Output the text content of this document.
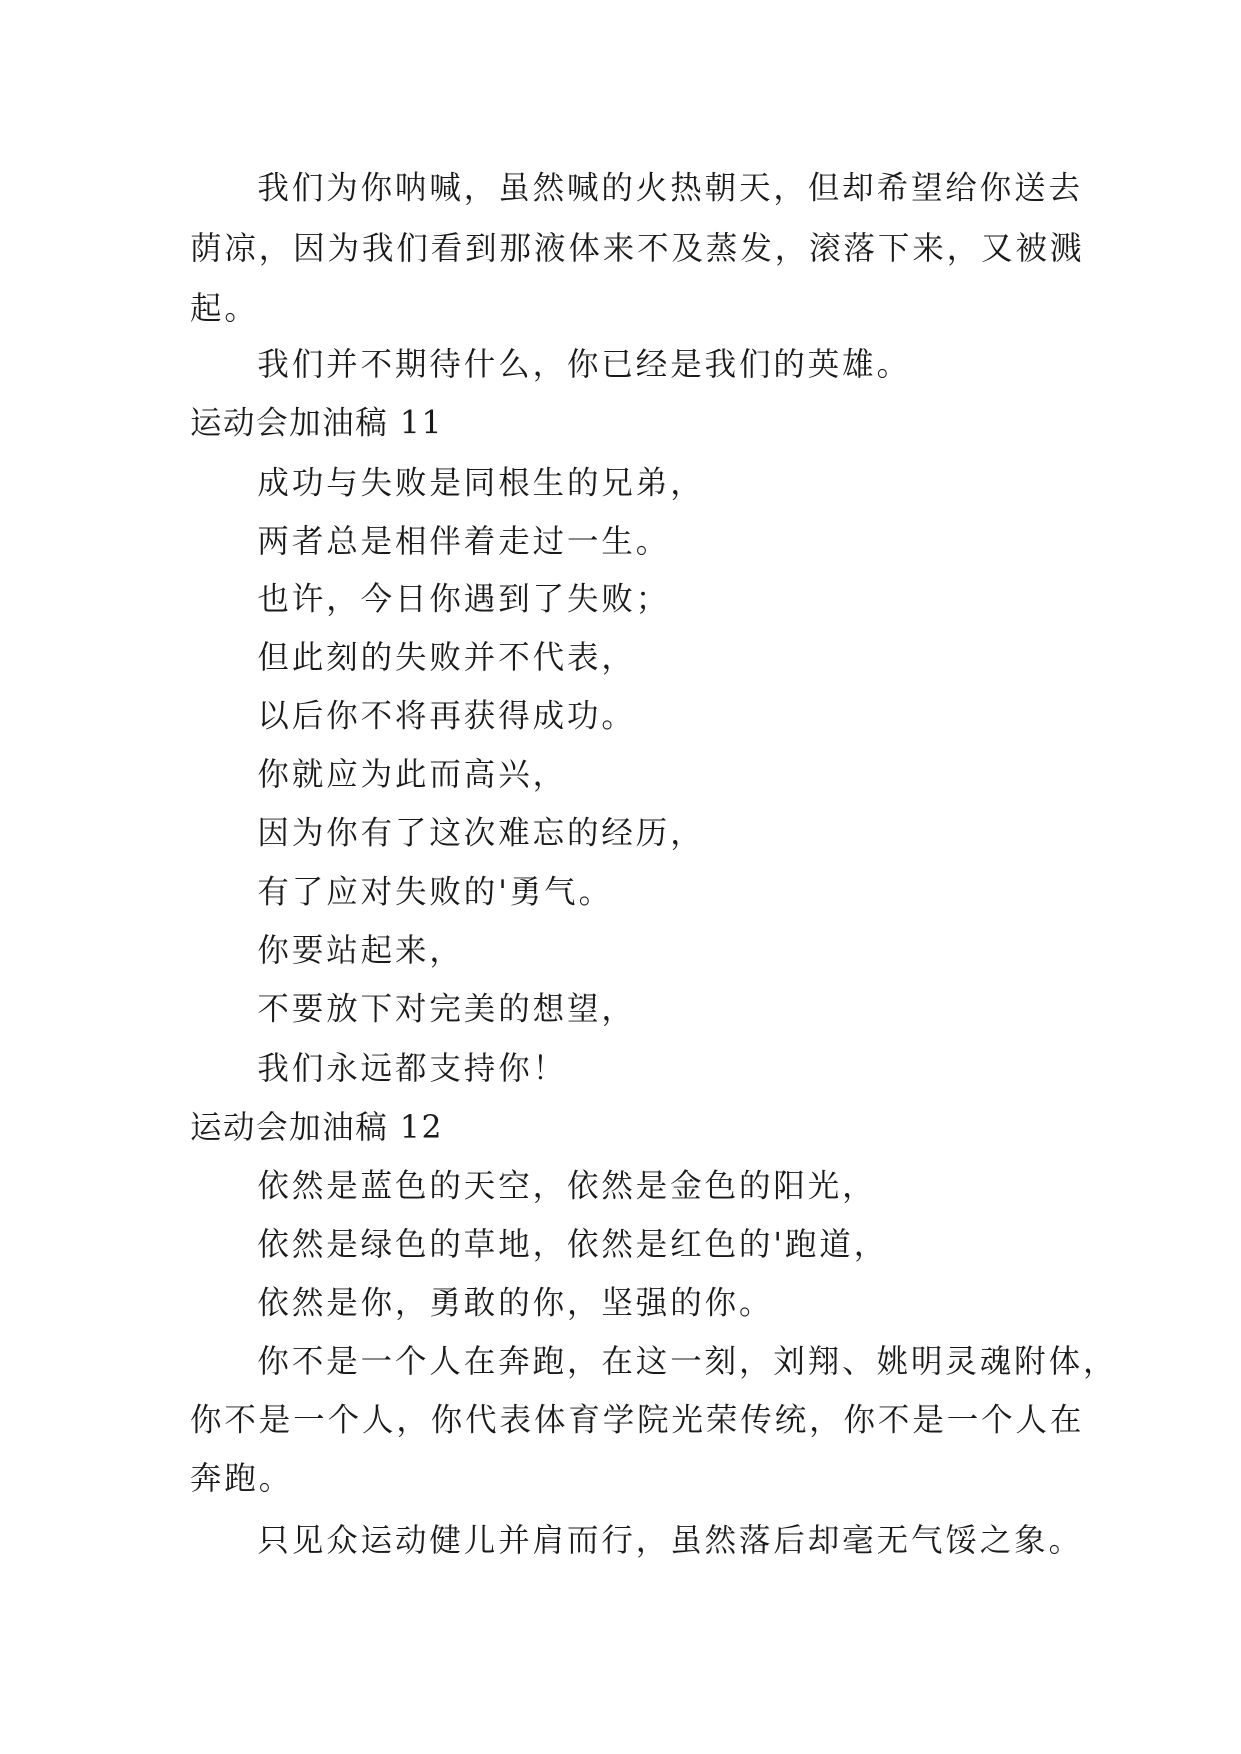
我们为你呐喊，虽然喊的火热朝天，但却希望给你送去
荫凉，因为我们看到那液体来不及蒸发，滚落下来，又被溅
起。
我们并不期待什么，你已经是我们的英雄。
运动会加油稿 11
成功与失败是同根生的兄弟，
两者总是相伴着走过一生。
也许，今日你遇到了失败；
但此刻的失败并不代表，
以后你不将再获得成功。
你就应为此而高兴，
因为你有了这次难忘的经历，
有了应对失败的'勇气。
你要站起来，
不要放下对完美的想望，
我们永远都支持你！
运动会加油稿 12
依然是蓝色的天空，依然是金色的阳光，
依然是绿色的草地，依然是红色的'跑道，
依然是你，勇敢的你，坚强的你。
你不是一个人在奔跑，在这一刻，刘翔、姚明灵魂附体，
你不是一个人，你代表体育学院光荣传统，你不是一个人在
奔跑。
只见众运动健儿并肩而行，虽然落后却毫无气馁之象。
